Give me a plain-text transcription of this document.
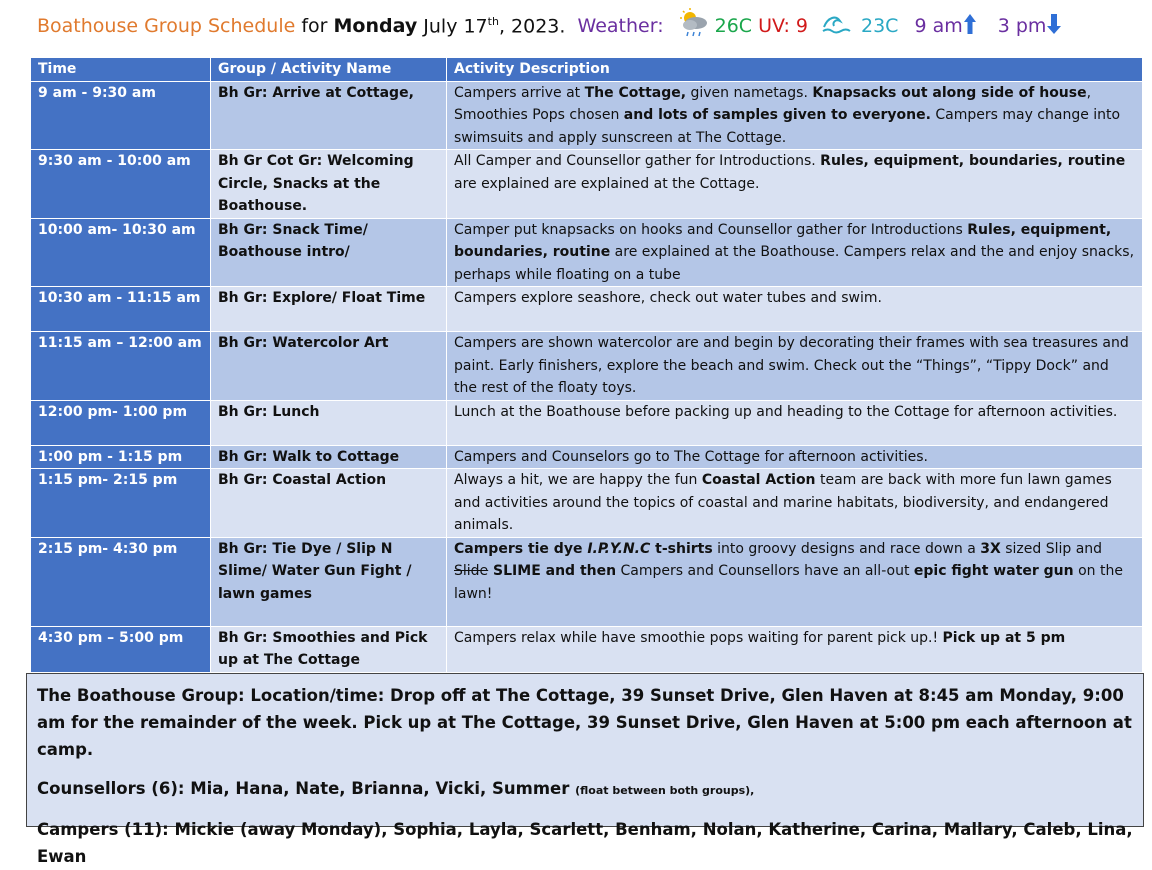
Boathouse Group Schedule
for
Monday
July 17th, 2023.
Weather:	26C
UV: 9	23C 9 am 3 pm
Time	Group / Activity Name	Activity Description
9 am - 9:30 am	Bh Gr: Arrive at Cottage,	Campers arrive at The Cottage, given nametags. Knapsacks out along side of house, Smoothies Pops chosen and lots of samples given to everyone. Campers may change into swimsuits and apply sunscreen at The Cottage.
9:30 am - 10:00 am	Bh Gr Cot Gr: Welcoming Circle, Snacks at the Boathouse.	All Camper and Counsellor gather for Introductions. Rules, equipment, boundaries, routine are explained are explained at the Cottage.
10:00 am- 10:30 am	Bh Gr: Snack Time/ Boathouse intro/	Camper put knapsacks on hooks and Counsellor gather for Introductions Rules, equipment, boundaries, routine are explained at the Boathouse. Campers relax and the and enjoy snacks, perhaps while floating on a tube
10:30 am - 11:15 am	Bh Gr: Explore/ Float Time	Campers explore seashore, check out water tubes and swim.
11:15 am – 12:00 am	Bh Gr: Watercolor Art	Campers are shown watercolor are and begin by decorating their frames with sea treasures and paint. Early finishers, explore the beach and swim. Check out the “Things”, “Tippy Dock” and the rest of the floaty toys.
12:00 pm- 1:00 pm	Bh Gr: Lunch	Lunch at the Boathouse before packing up and heading to the Cottage for afternoon activities.
1:00 pm - 1:15 pm	Bh Gr: Walk to Cottage	Campers and Counselors go to The Cottage for afternoon activities.
1:15 pm- 2:15 pm	Bh Gr: Coastal Action	Always a hit, we are happy the fun Coastal Action team are back with more fun lawn games and activities around the topics of coastal and marine habitats, biodiversity, and endangered animals.
2:15 pm- 4:30 pm	Bh Gr: Tie Dye / Slip N Slime/ Water Gun Fight / lawn games	Campers tie dye I.P.Y.N.C t-shirts into groovy designs and race down a 3X sized Slip and Slide SLIME and then Campers and Counsellors have an all-out epic fight water gun on the lawn!
4:30 pm – 5:00 pm	Bh Gr: Smoothies and Pick up at The Cottage	Campers relax while have smoothie pops waiting for parent pick up.! Pick up at 5 pm

The Boathouse Group: Location/time: Drop off at The Cottage, 39 Sunset Drive, Glen Haven at 8:45 am Monday, 9:00 am for the remainder of the week. Pick up at The Cottage, 39 Sunset Drive, Glen Haven at 5:00 pm each afternoon at camp.

Counsellors (6): Mia, Hana, Nate, Brianna, Vicki, Summer (float between both groups),

Campers (11): Mickie (away Monday), Sophia, Layla, Scarlett, Benham, Nolan, Katherine, Carina, Mallary, Caleb, Lina, Ewan
